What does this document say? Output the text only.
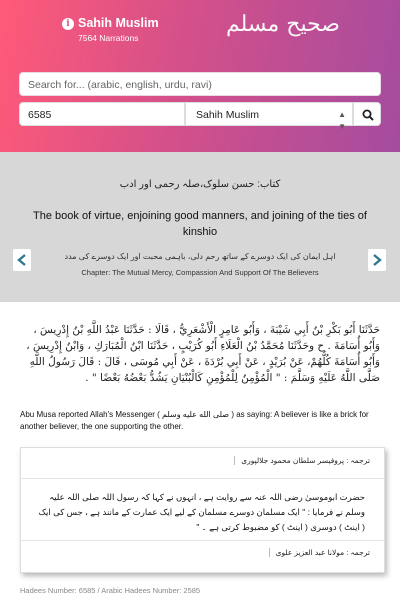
i Sahih Muslim
7564 Narrations
صحيح مسلم
Search for... (arabic, english, urdu, ravi)
6585	Sahih Muslim	▲
▼
کتاب: حسن سلوک،صلہ رحمی اور ادب
The book of virtue, enjoining good manners, and joining of the ties of kinshio
اہل ایمان کی ایک دوسرے کے ساتھ رحم دلی، باہمی محبت اور ایک دوسرے کی مدد
Chapter: The Mutual Mercy, Compassion And Support Of The Believers
حَدَّثَنَا أَبُو بَكْرِ بْنُ أَبِي شَيْبَةَ ، وَأَبُو عَامِرٍ الْأَشْعَرِيُّ ، قَالَا : حَدَّثَنَا عَبْدُ اللَّهِ بْنُ إِدْرِيسَ ، وَأَبُو أُسَامَةَ . ح وحَدَّثَنَا مُحَمَّدُ بْنُ الْعَلَاءِ أَبُو كُرَيْبٍ ، حَدَّثَنَا ابْنُ الْمُبَارَكِ ، وَابْنُ إِدْرِيسَ ، وَأَبُو أُسَامَةَ كُلُّهُمْ، عَنْ بُرَيْدٍ ، عَنْ أَبِي بُرْدَةَ ، عَنْ أَبِي مُوسَى ، قَالَ : قَالَ رَسُولُ اللَّهِ صَلَّى اللَّهُ عَلَيْهِ وَسَلَّمَ : " الْمُؤْمِنُ لِلْمُؤْمِنِ كَالْبُنْيَانِ يَشُدُّ بَعْضُهُ بَعْضًا " .
Abu Musa reported Allah's Messenger ( صلى الله عليه وسلم ) as saying: A believer is like a brick for another believer, the one supporting the other.
ترجمہ : پروفیسر سلطان محمود جلالپوری
حضرت ابوموسیٰ رضی اللہ عنہ سے روایت ہے ، انہوں نے کہا کہ رسول اللہ صلی اللہ علیہ وسلم نے فرمایا : " ایک مسلمان دوسرے مسلمان کے لیے ایک عمارت کے مانند ہے ، جس کی ایک ( اینٹ ) دوسری ( اینٹ ) کو مضبوط کرتی ہے ۔ "
ترجمہ : مولانا عبد العزیز علوی
Hadees Number: 6585 / Arabic Hadees Number: 2585
